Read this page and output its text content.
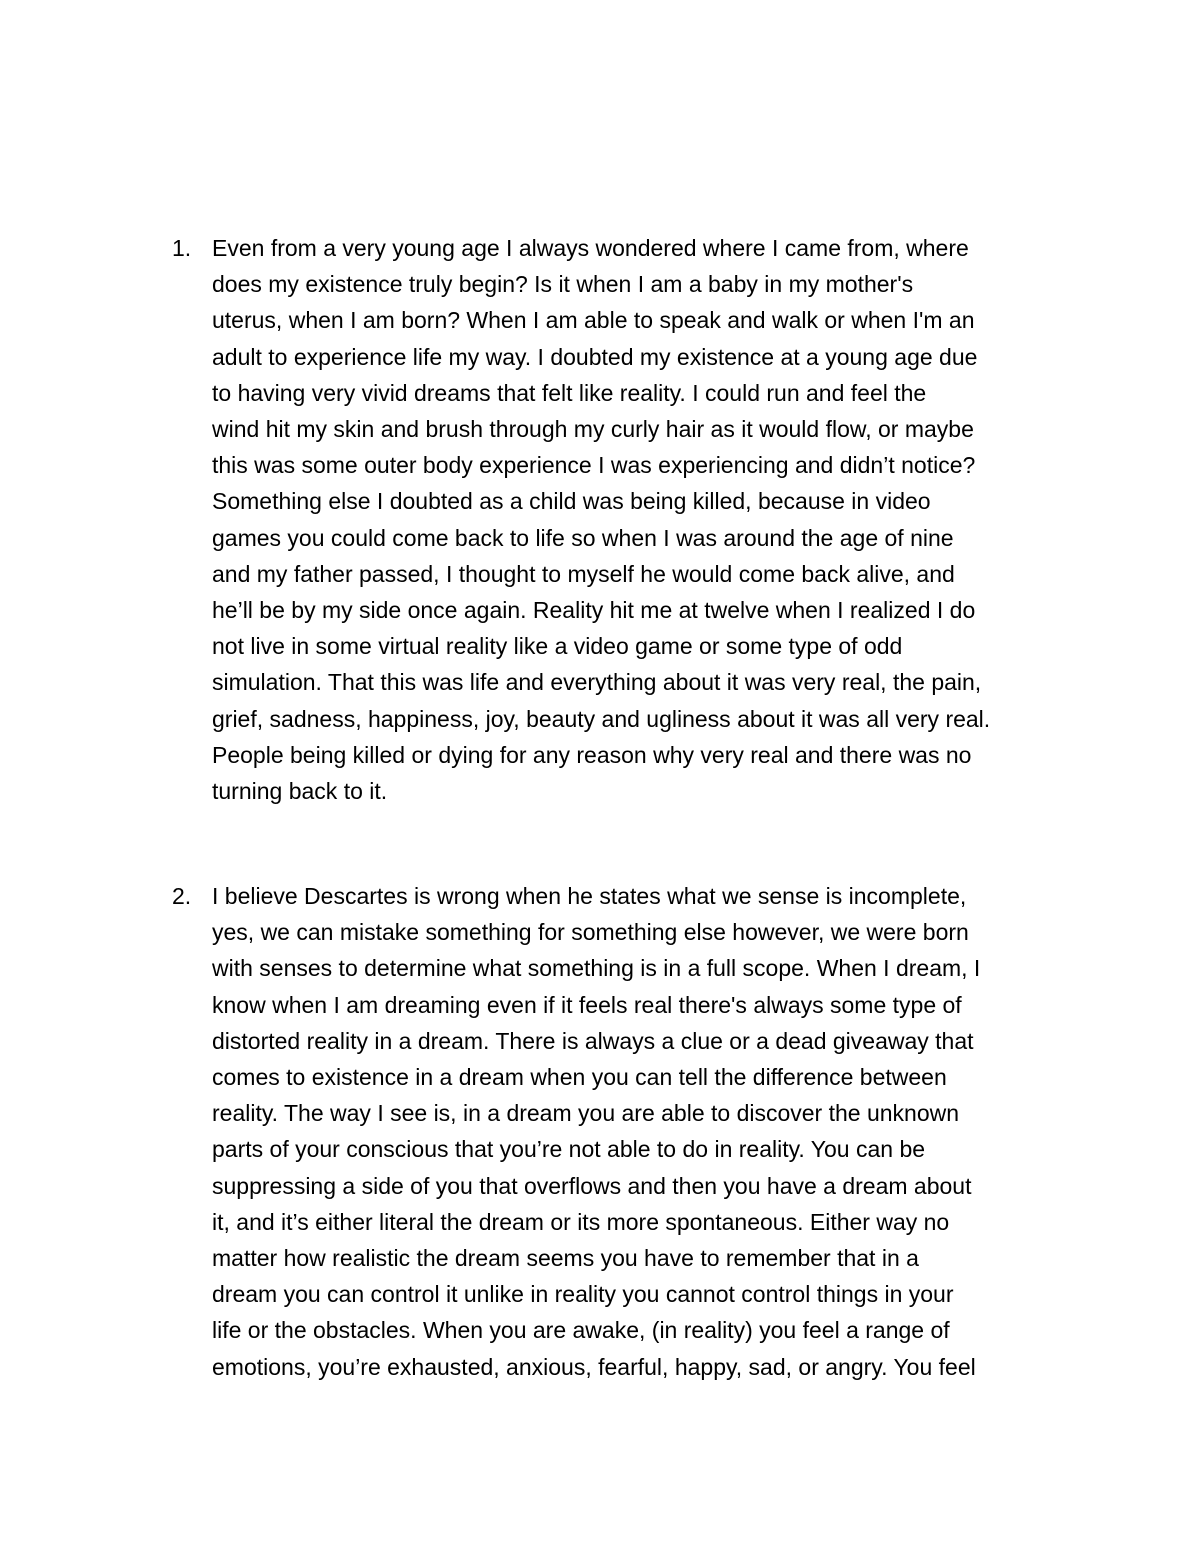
1. Even from a very young age I always wondered where I came from, where
does my existence truly begin? Is it when I am a baby in my mother's
uterus, when I am born? When I am able to speak and walk or when I'm an
adult to experience life my way. I doubted my existence at a young age due
to having very vivid dreams that felt like reality. I could run and feel the
wind hit my skin and brush through my curly hair as it would flow, or maybe
this was some outer body experience I was experiencing and didn’t notice?
Something else I doubted as a child was being killed, because in video
games you could come back to life so when I was around the age of nine
and my father passed, I thought to myself he would come back alive, and
he’ll be by my side once again. Reality hit me at twelve when I realized I do
not live in some virtual reality like a video game or some type of odd
simulation. That this was life and everything about it was very real, the pain,
grief, sadness, happiness, joy, beauty and ugliness about it was all very real.
People being killed or dying for any reason why very real and there was no
turning back to it.
2. I believe Descartes is wrong when he states what we sense is incomplete,
yes, we can mistake something for something else however, we were born
with senses to determine what something is in a full scope. When I dream, I
know when I am dreaming even if it feels real there's always some type of
distorted reality in a dream. There is always a clue or a dead giveaway that
comes to existence in a dream when you can tell the difference between
reality. The way I see is, in a dream you are able to discover the unknown
parts of your conscious that you’re not able to do in reality. You can be
suppressing a side of you that overflows and then you have a dream about
it, and it’s either literal the dream or its more spontaneous. Either way no
matter how realistic the dream seems you have to remember that in a
dream you can control it unlike in reality you cannot control things in your
life or the obstacles. When you are awake, (in reality) you feel a range of
emotions, you’re exhausted, anxious, fearful, happy, sad, or angry. You feel
